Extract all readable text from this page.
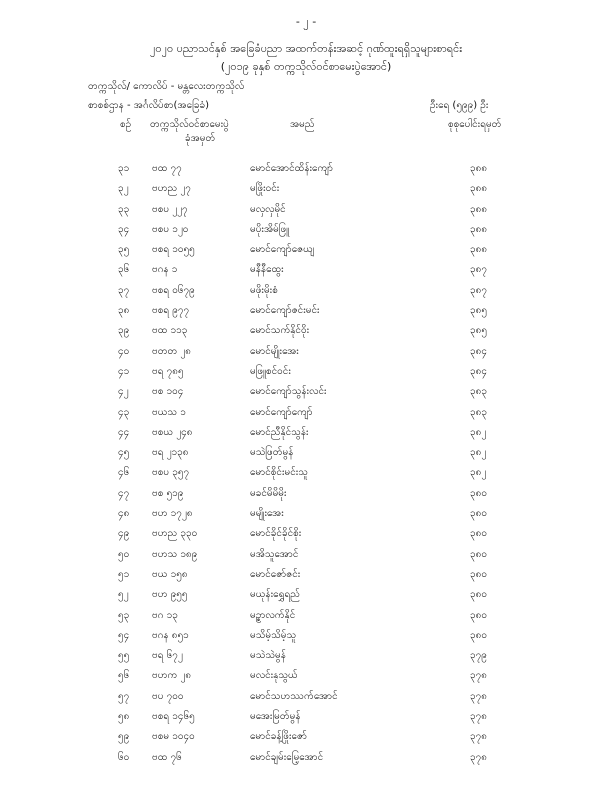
- ၂ -
၂၀၂၀ ပညာသင်နှစ် အခြေခံပညာ အထက်တန်းအဆင့် ဂုဏ်ထူးရရှိသူများစာရင်း
(၂၀၁၉ ခုနှစ် တက္ကသိုလ်ဝင်စာမေးပွဲအောင်)
တက္ကသိုလ်/ ကောလိပ် - မန္တလေးတက္ကသိုလ်
စာစစ်ဌာန - အင်္ဂလိပ်စာ(အခြေခံ)	ဦးရေ (၅၉၉) ဦး
စဉ် တက္ကသိုလ်ဝင်စာမေးပွဲ
ခုံအမှတ်
အမည်	စုစုပေါင်းရမှတ်
၃၁ ဗထ ၇၇	မောင်အောင်ထိန်းကျော်	၃၈၈
၃၂ ဗဟည ၂၇	မဖြိုးဝင်း	၃၈၈
၃၃ ဗစပ ၂၂၇	မလှလှမိုင်	၃၈၈
၃၄ ဗစပ ၁၂၀	မပိုးအိမ်ဖြူ	၃၈၈
၃၅ ဗစရ ၁၀၅၅	မောင်ကျော်ဇေယျ	၃၈၈
၃၆ ဗဂန ၁	မနီနီထွေး	၃၈၇
၃၇ ဗစရ ၀၆၇၉	မဖိုးမိုးစံ	၃၈၇
၃၈ ဗစရ ၉၇၇	မောင်ကျော်ဇင်းမင်း	၃၈၅
၃၉ ဗထ ၁၁၃	မောင်သက်နိုင်ဝိုး	၃၈၅
၄၀ ဗတတ ၂၈	မောင်မျိုးအေး	၃၈၄
၄၁ ဗရ ၇၈၅	မဖြူစင်ဝင်း	၃၈၄
၄၂ ဗစ ၁၀၄	မောင်ကျော်သွန်းလင်း	၃၈၃
၄၃ ဗယသ ၁	မောင်ကျော်ကျော်	၃၈၃
၄၄ ဗစယ ၂၄၈	မောင်ညီနိုင်သွန်း	၃၈၂
၄၅ ဗရ ၂၁၃၈	မသဲဖြတ်မွန်	၃၈၂
၄၆ ဗစပ ၃၅၇	မောင်စိုင်းမင်းသူ	၃၈၂
၄၇ ဗစ ၅၁၉	မခင်မိမိမိုး	၃၈၀
၄၈ ဗဟ ၁၇၂၈	မမျိုးအေး	၃၈၀
၄၉ ဗဟည ၃၃၀	မောင်ခိုင်ခိုင်စိုး	၃၈၀
၅၀ ဗဟသ ၁၈၉	မအိသူအောင်	၃၈၀
၅၁ ဗယ ၁၅၈	မောင်ဇော်ဇင်း	၃၈၀
၅၂ ဗဟ ၉၅၅	မယုန်းရွှေရည်	၃၈၀
၅၃ ဗဂ ၁၃	မဥ္စာလက်နိုင်	၃၈၀
၅၄ ဗဂန ၈၅၁	မသိမ့်သိမ့်သူ	၃၈၀
၅၅ ဗရ ၆၇၂	မသဲသဲမွန်	၃၇၉
၅၆ ဗဟက ၂၈	မလင်းနုသွယ်	၃၇၈
၅၇ ဗပ ၇၀၀	မောင်သဟဿက်အောင်	၃၇၈
၅၈ ဗစရ ၁၄၆၅	မအေးမြတ်မွန်	၃၇၈
၅၉ ဗစမ ၁၀၄၀	မောင်ခန့်ဖြိုးဇော်	၃၇၈
၆၀ ဗထ ၇၆	မောင်ချမ်းမြေ့အောင်	၃၇၈
